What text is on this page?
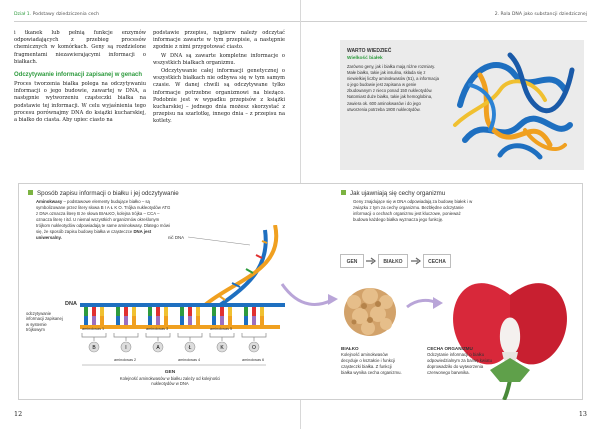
Dział 1. Podstawy dziedziczenia cech

i tkanek lub pełnią funkcje enzymów odpowiadających z przebieg procesów chemicznych w komórkach. Geny są rozdzielone fragmentami niezawierającymi informacji o białkach.

Odczytywanie informacji zapisanej w genach

Proces tworzenia białka polega na odczytywaniu informacji o jego budowie, zawartej w DNA, a następnie wytworzeniu cząsteczki białka na podstawie tej informacji. W celu wyjaśnienia tego procesu porównajmy DNA do książki kucharskiej, a białko do ciasta. Aby upiec ciasto na

podstawie przepisu, najpierw należy odczytać informacje zawarte w tym przepisie, a następnie zgodnie z nimi przygotować ciasto.

W DNA są zawarte kompletne informacje o wszystkich białkach organizmu.

Odczytywanie całej informacji genetycznej o wszystkich białkach nie odbywa się w tym samym czasie. W danej chwili są odczytywane tylko informacje potrzebne organizmowi na bieżąco. Podobnie jest w wypadku przepisów z książki kucharskiej – jednego dnia możesz skorzystać z przepisu na szarlotkę, innego dnia – z przepisu na kotlety.

12
2. Rola DNA jako substancji dziedzicznej
13
WARTO WIEDZIEĆ
Wielkość białek
Zarówno geny, jak i białka mają różne rozmiary. Małe białko, takie jak insulina, składa się z niewielkiej liczby aminokwasów (51), a informacja o jego budowie jest zapisana w genie zbudowanym z nieco ponad 150 nukleotydów. Natomiast duże białko, takie jak hemoglobina, zawiera ok. 600 aminokwasów i do jego utworzenia potrzeba 1800 nukleotydów.
Sposób zapisu informacji o białku i jej odczytywanie
Aminokwasy – podstawowe elementy budujące białko – są symbolizowane przez litery słowa B I A Ł K O. Trójka nukleotydów ATG z DNA oznacza literę B ze słowa BIAŁKO, kolejna trójka – CCA – oznacza literę I itd. U niemal wszystkich organizmów określonym trójkom nukleotydów odpowiadają te same aminokwasy. Dlatego mówi się, że sposób zapisu budowy białka w cząsteczce DNA jest uniwersalny.
Jak ujawniają się cechy organizmu
Geny znajdujące się w DNA odpowiadają za budowę białek i w związku z tym za cechy organizmu. Bezbłędne odczytanie informacji o cechach organizmu jest kluczowe, ponieważ budowa każdego białka wyznacza jego funkcję.
GEN	BIAŁKO	CECHA
B	I	A	Ł	K	O
DNA
nić DNA
aminokwas 1	aminokwas 3	aminokwas 5
aminokwas 2	aminokwas 4	aminokwas 6
GEN
odczytywanie informacji zapisanej w systemie trójkowym
Kolejność aminokwasów w białku zależy od kolejności nukleotydów w DNA
BIAŁKO
Kolejność aminokwasów decyduje o kształcie i funkcji cząsteczki białka. Z funkcji białka wynika cecha organizmu.
CECHA ORGANIZMU
Odczytanie informacji o białku odpowiedzialnym za barwę kwiatu doprowadziło do wytworzenia czerwonego barwnika.
